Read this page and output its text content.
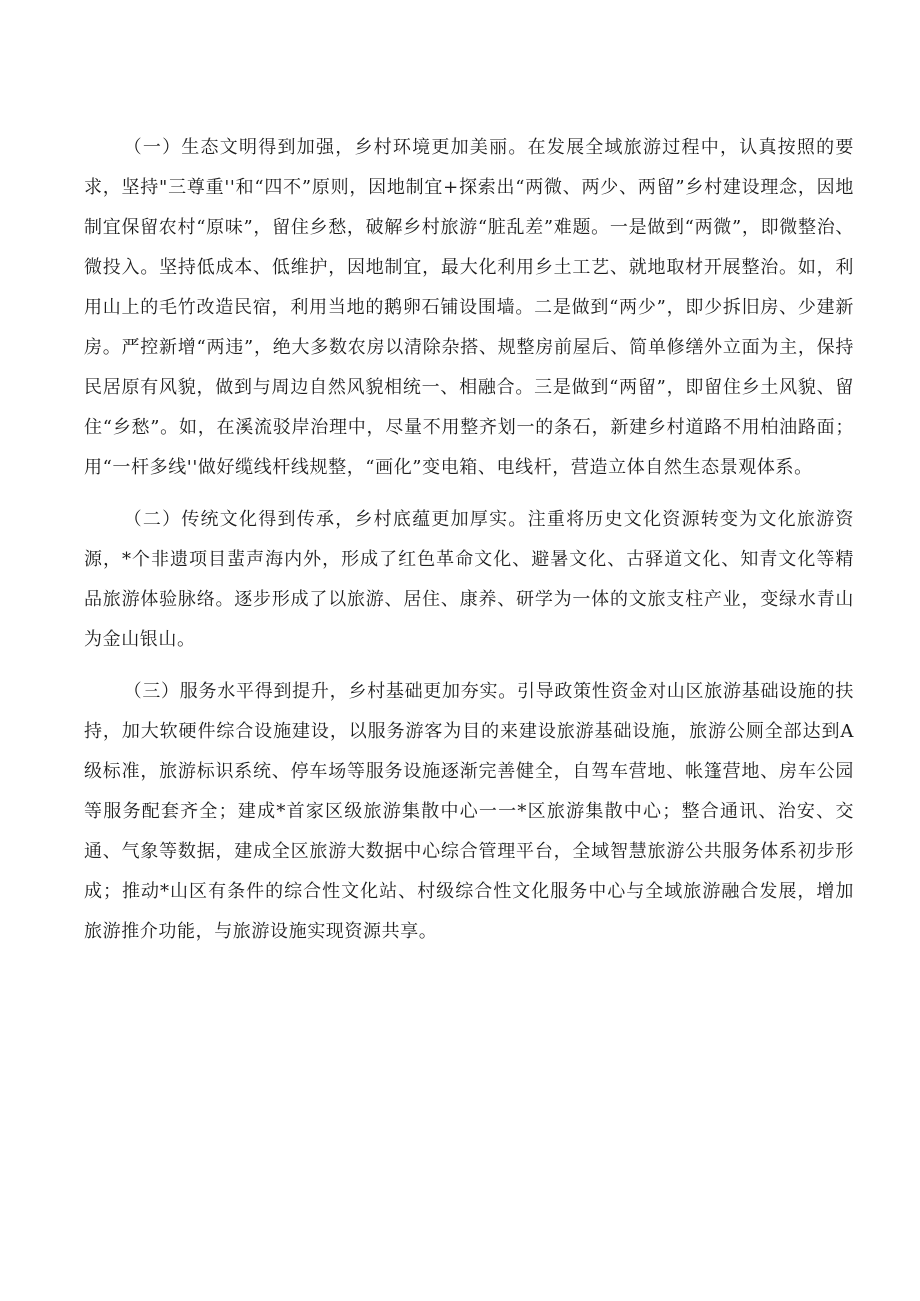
（一）生态文明得到加强，乡村环境更加美丽。在发展全域旅游过程中，认真按照的要求，坚持"三尊重''和“四不”原则，因地制宜+探索出“两微、两少、两留”乡村建设理念，因地制宜保留农村“原味”，留住乡愁，破解乡村旅游“脏乱差”难题。一是做到“两微”，即微整治、微投入。坚持低成本、低维护，因地制宜，最大化利用乡土工艺、就地取材开展整治。如，利用山上的毛竹改造民宿，利用当地的鹅卵石铺设围墙。二是做到“两少”，即少拆旧房、少建新房。严控新增“两违”，绝大多数农房以清除杂搭、规整房前屋后、简单修缮外立面为主，保持民居原有风貌，做到与周边自然风貌相统一、相融合。三是做到“两留”，即留住乡土风貌、留住“乡愁”。如，在溪流驳岸治理中，尽量不用整齐划一的条石，新建乡村道路不用柏油路面；用“一杆多线''做好缆线杆线规整，“画化”变电箱、电线杆，营造立体自然生态景观体系。

（二）传统文化得到传承，乡村底蕴更加厚实。注重将历史文化资源转变为文化旅游资源，*个非遗项目蜚声海内外，形成了红色革命文化、避暑文化、古驿道文化、知青文化等精品旅游体验脉络。逐步形成了以旅游、居住、康养、研学为一体的文旅支柱产业，变绿水青山为金山银山。

（三）服务水平得到提升，乡村基础更加夯实。引导政策性资金对山区旅游基础设施的扶持，加大软硬件综合设施建设，以服务游客为目的来建设旅游基础设施，旅游公厕全部达到A级标准，旅游标识系统、停车场等服务设施逐渐完善健全，自驾车营地、帐篷营地、房车公园等服务配套齐全；建成*首家区级旅游集散中心一一*区旅游集散中心；整合通讯、治安、交通、气象等数据，建成全区旅游大数据中心综合管理平台，全域智慧旅游公共服务体系初步形成；推动*山区有条件的综合性文化站、村级综合性文化服务中心与全域旅游融合发展，增加旅游推介功能，与旅游设施实现资源共享。
